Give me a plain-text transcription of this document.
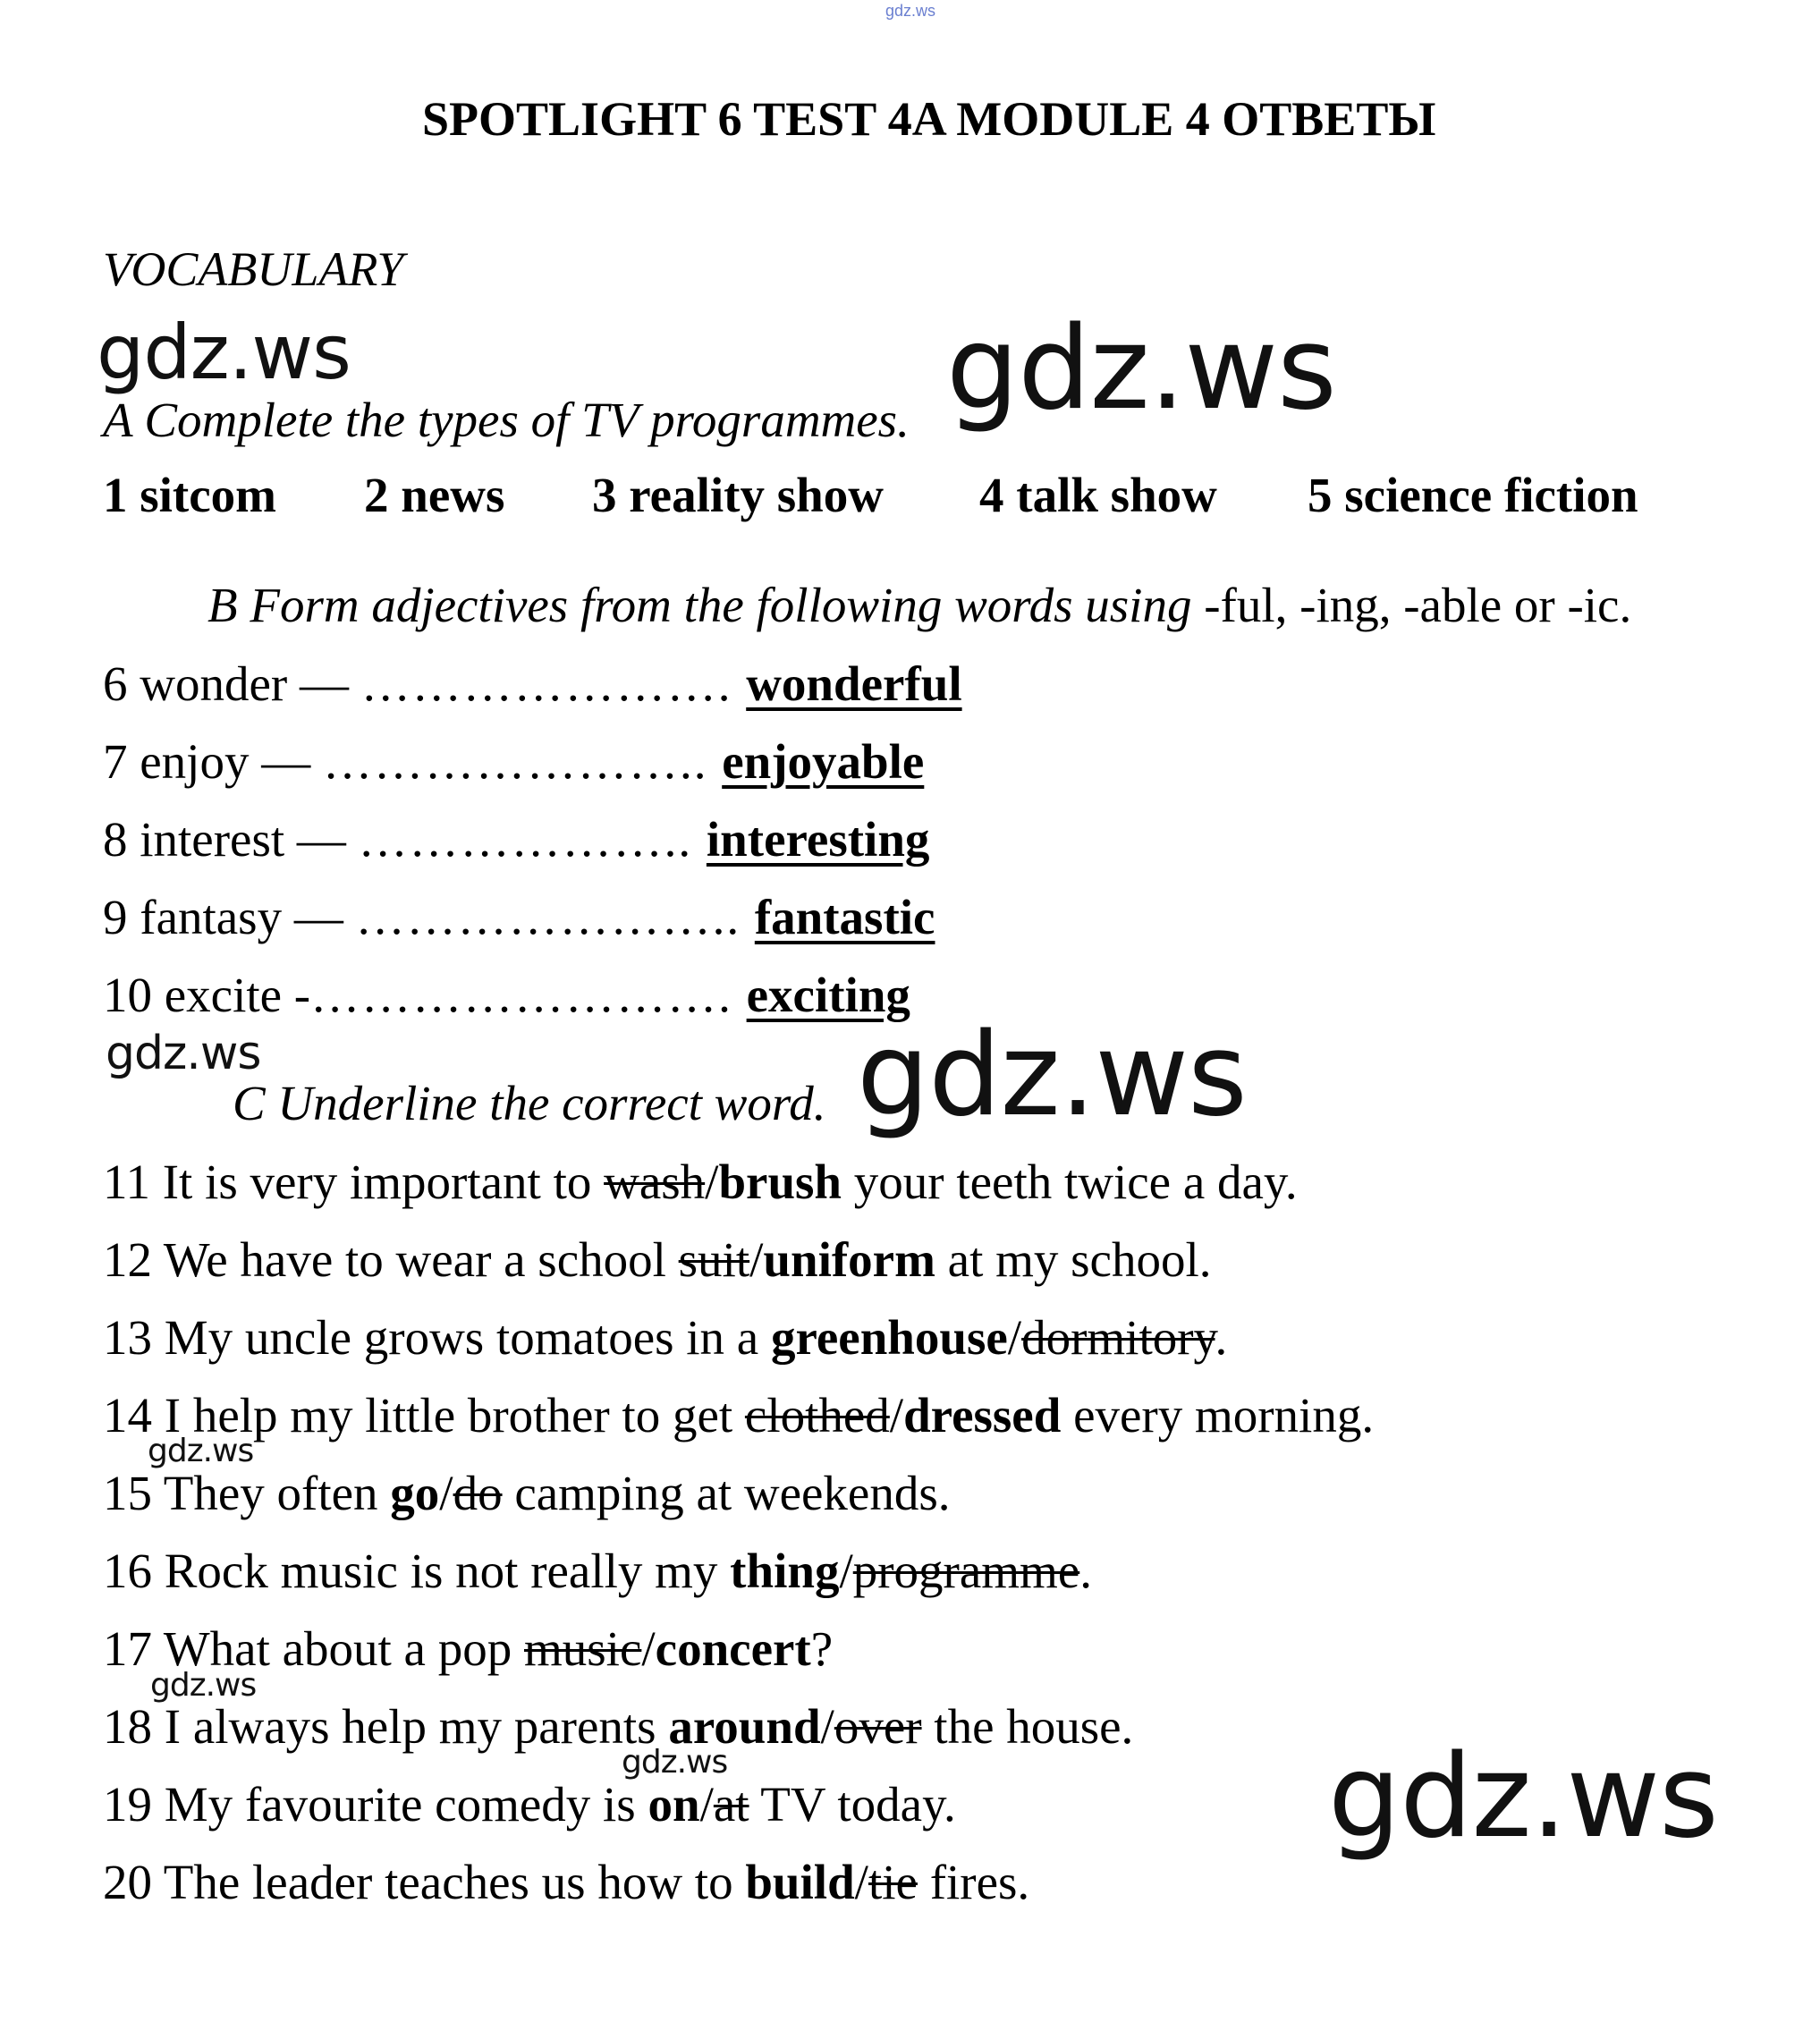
gdz.ws
SPOTLIGHT 6 TEST 4A MODULE 4 ОТВЕТЫ
VOCABULARY
gdz.ws	gdz.ws
A Complete the types of TV programmes.
1 sitcom 2 news 3 reality show 4 talk show 5 science fiction
B Form adjectives from the following words using -ful, -ing, -able or -ic.
6 wonder — …………………. wonderful
7 enjoy — ………………….. enjoyable
8 interest — ……………….. interesting
9 fantasy — ………………….. fantastic
10 excite -……………………. exciting
gdz.ws	gdz.ws
C Underline the correct word.
11 It is very important to wash/brush your teeth twice a day.
12 We have to wear a school suit/uniform at my school.
13 My uncle grows tomatoes in a greenhouse/dormitory.
14 I help my little brother to get clothed/dressed every morning.
gdz.ws
15 They often go/do camping at weekends.
16 Rock music is not really my thing/programme.
17 What about a pop music/concert?
gdz.ws
18 I always help my parents around/over the house.
gdz.ws
19 My favourite comedy is on/at TV today.
20 The leader teaches us how to build/tie fires.
gdz.ws
